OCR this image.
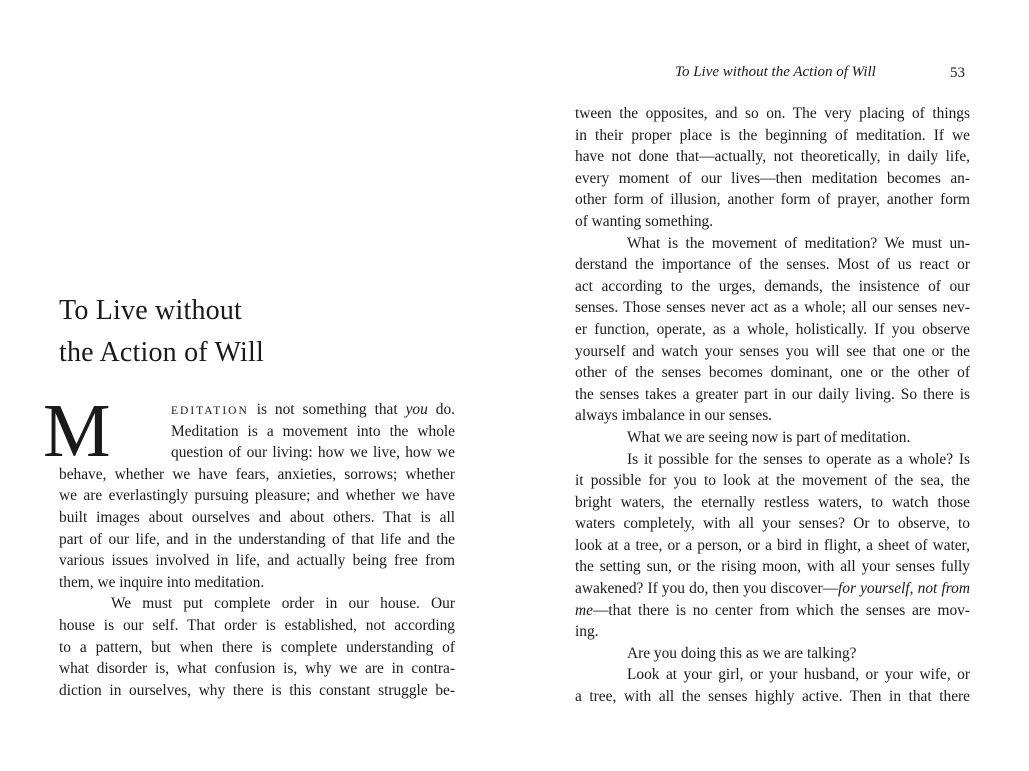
To Live without
the Action of Will
M	EDITATION is not something that you do.
Meditation is a movement into the whole
question of our living: how we live, how we
behave, whether we have fears, anxieties, sorrows; whether
we are everlastingly pursuing pleasure; and whether we have
built images about ourselves and about others. That is all
part of our life, and in the understanding of that life and the
various issues involved in life, and actually being free from
them, we inquire into meditation.
We must put complete order in our house. Our
house is our self. That order is established, not according
to a pattern, but when there is complete understanding of
what disorder is, what confusion is, why we are in contra-
diction in ourselves, why there is this constant struggle be-
To Live without the Action of Will	53
tween the opposites, and so on. The very placing of things
in their proper place is the beginning of meditation. If we
have not done that—actually, not theoretically, in daily life,
every moment of our lives—then meditation becomes an-
other form of illusion, another form of prayer, another form
of wanting something.
What is the movement of meditation? We must un-
derstand the importance of the senses. Most of us react or
act according to the urges, demands, the insistence of our
senses. Those senses never act as a whole; all our senses nev-
er function, operate, as a whole, holistically. If you observe
yourself and watch your senses you will see that one or the
other of the senses becomes dominant, one or the other of
the senses takes a greater part in our daily living. So there is
always imbalance in our senses.
What we are seeing now is part of meditation.
Is it possible for the senses to operate as a whole? Is
it possible for you to look at the movement of the sea, the
bright waters, the eternally restless waters, to watch those
waters completely, with all your senses? Or to observe, to
look at a tree, or a person, or a bird in flight, a sheet of water,
the setting sun, or the rising moon, with all your senses fully
awakened? If you do, then you discover—for yourself, not from
me—that there is no center from which the senses are mov-
ing.
Are you doing this as we are talking?
Look at your girl, or your husband, or your wife, or
a tree, with all the senses highly active. Then in that there
